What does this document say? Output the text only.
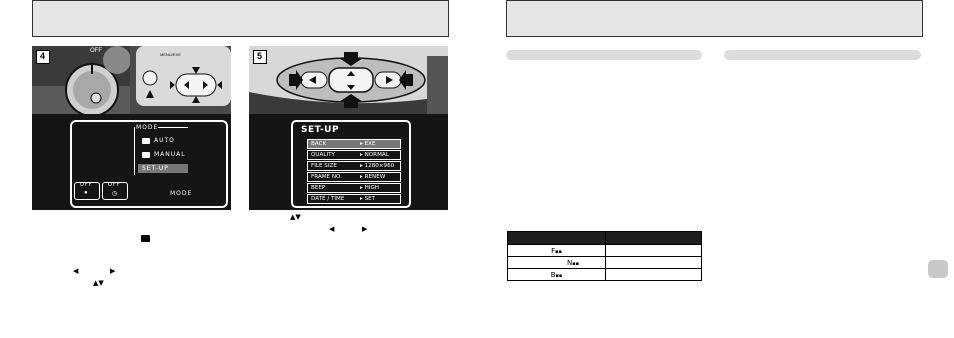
4	OFF
MENU/EXE
MODE
AUTO
MANUAL
SET-UP
OFF
●
OFF
◷	MODE
5
SET-UP
BACK	▸ EXE
QUALITY	▸ NORMAL
FILE SIZE	▸ 1280×960
FRAME NO.	▸ RENEW
BEEP	▸ HIGH
DATE / TIME	▸ SET
◀	▶
▲▼
▲▼
◀	▶

F▪▪	
N▪▪	
B▪▪	
